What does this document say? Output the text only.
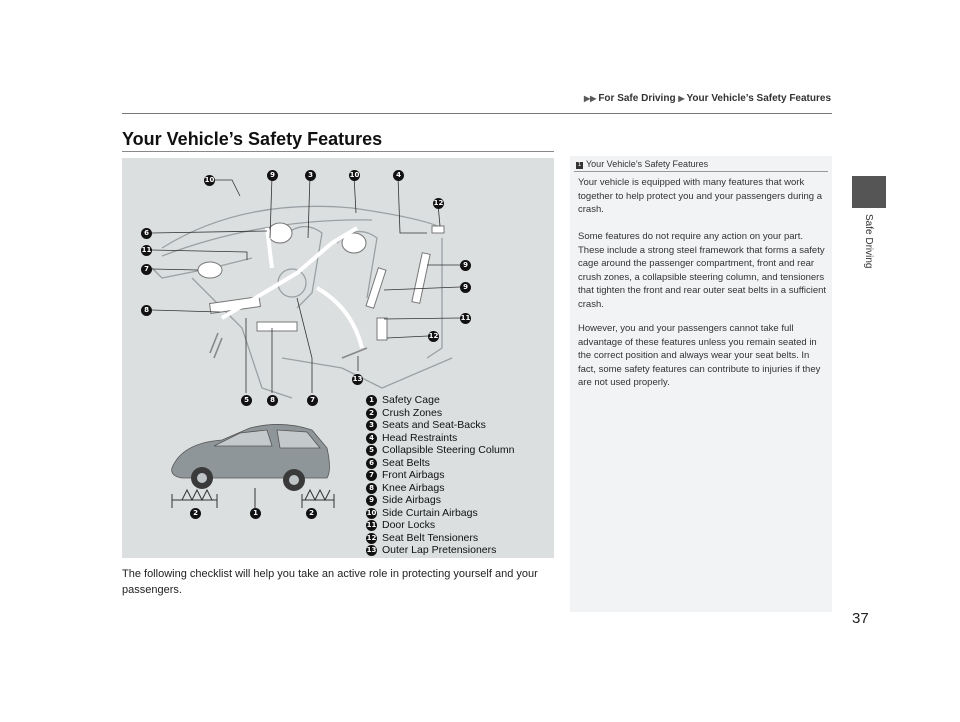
▶▶ For Safe Driving ▶ Your Vehicle’s Safety Features
Your Vehicle’s Safety Features
Safe Driving
10
9	3	10	4
12
6
11
7	9
9
8
11
12
13
5	8	7
2	1	2
1 Safety Cage
2 Crush Zones
3 Seats and Seat-Backs
4 Head Restraints
5 Collapsible Steering Column
6 Seat Belts
7 Front Airbags
8 Knee Airbags
9 Side Airbags
10 Side Curtain Airbags
11 Door Locks
12 Seat Belt Tensioners
13 Outer Lap Pretensioners
The following checklist will help you take an active role in protecting yourself and your passengers.
1 Your Vehicle’s Safety Features
Your vehicle is equipped with many features that work together to help protect you and your passengers during a crash.
Some features do not require any action on your part. These include a strong steel framework that forms a safety cage around the passenger compartment, front and rear crush zones, a collapsible steering column, and tensioners that tighten the front and rear outer seat belts in a sufficient crash.
However, you and your passengers cannot take full advantage of these features unless you remain seated in the correct position and always wear your seat belts. In fact, some safety features can contribute to injuries if they are not used properly.
37
